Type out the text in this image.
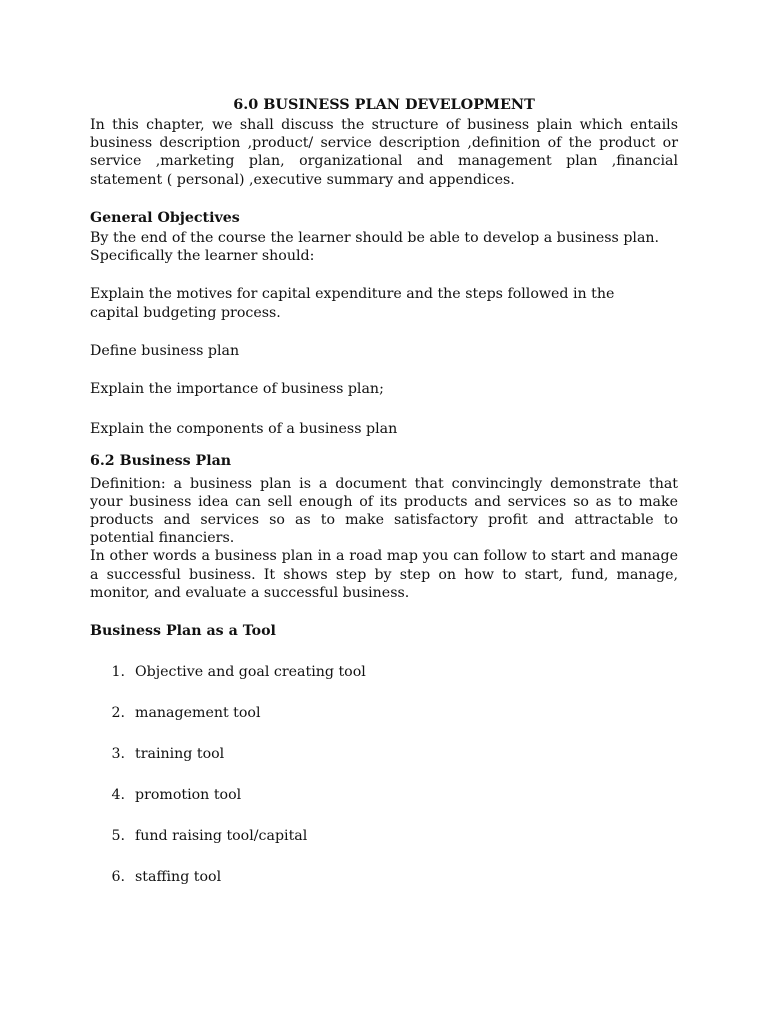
6.0 BUSINESS PLAN DEVELOPMENT

In this chapter, we shall discuss the structure of business plain which entails business description ,product/ service description ,definition of the product or service ,marketing plan, organizational and management plan ,financial statement ( personal) ,executive summary and appendices.

General Objectives

By the end of the course the learner should be able to develop a business plan.

Specifically the learner should:

Explain the motives for capital expenditure and the steps followed in the capital budgeting process.

Define business plan

Explain the importance of business plan;

Explain the components of a business plan

6.2 Business Plan

Definition: a business plan is a document that convincingly demonstrate that your business idea can sell enough of its products and services so as to make products and services so as to make satisfactory profit and attractable to potential financiers.

In other words a business plan in a road map you can follow to start and manage a successful business. It shows step by step on how to start, fund, manage, monitor, and evaluate a successful business.

Business Plan as a Tool

1. Objective and goal creating tool
2. management tool
3. training tool
4. promotion tool
5. fund raising tool/capital
6. staffing tool
